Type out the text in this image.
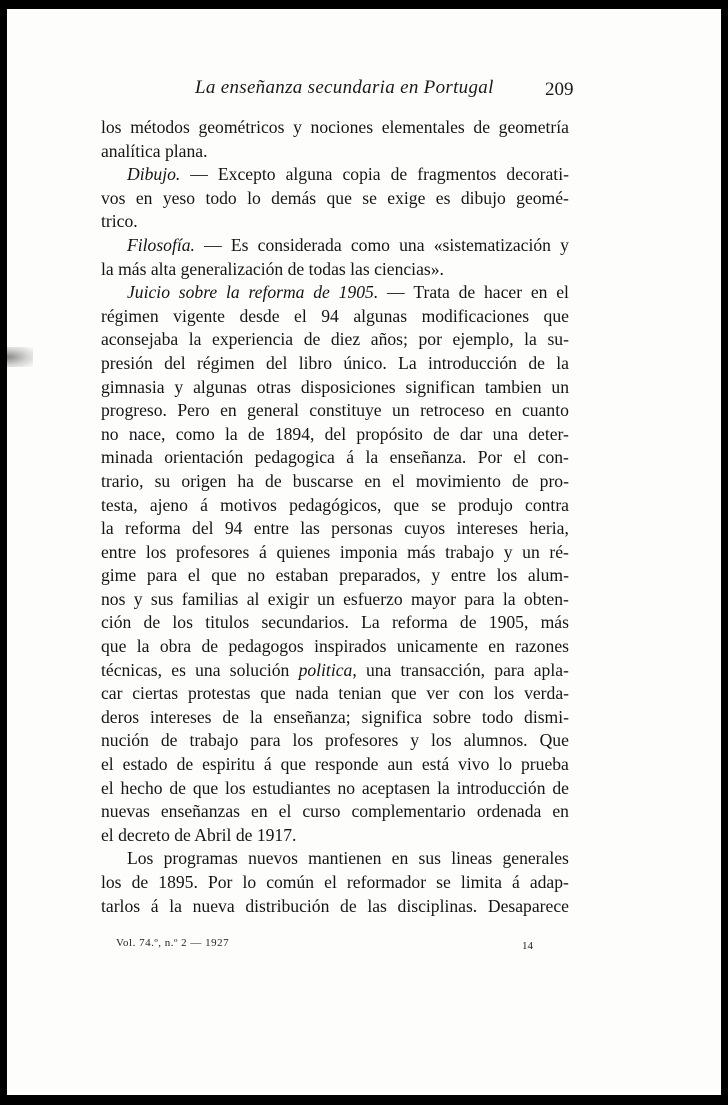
La enseñanza secundaria en Portugal	209
los métodos geométricos y nociones elementales de geometría
analítica plana.
Dibujo. — Excepto alguna copia de fragmentos decorati-
vos en yeso todo lo demás que se exige es dibujo geomé-
trico.
Filosofía. — Es considerada como una «sistematización y
la más alta generalización de todas las ciencias».
Juicio sobre la reforma de 1905. — Trata de hacer en el
régimen vigente desde el 94 algunas modificaciones que
aconsejaba la experiencia de diez años; por ejemplo, la su-
presión del régimen del libro único. La introducción de la
gimnasia y algunas otras disposiciones significan tambien un
progreso. Pero en general constituye un retroceso en cuanto
no nace, como la de 1894, del propósito de dar una deter-
minada orientación pedagogica á la enseñanza. Por el con-
trario, su origen ha de buscarse en el movimiento de pro-
testa, ajeno á motivos pedagógicos, que se produjo contra
la reforma del 94 entre las personas cuyos intereses heria,
entre los profesores á quienes imponia más trabajo y un ré-
gime para el que no estaban preparados, y entre los alum-
nos y sus familias al exigir un esfuerzo mayor para la obten-
ción de los titulos secundarios. La reforma de 1905, más
que la obra de pedagogos inspirados unicamente en razones
técnicas, es una solución politica, una transacción, para apla-
car ciertas protestas que nada tenian que ver con los verda-
deros intereses de la enseñanza; significa sobre todo dismi-
nución de trabajo para los profesores y los alumnos. Que
el estado de espiritu á que responde aun está vivo lo prueba
el hecho de que los estudiantes no aceptasen la introducción de
nuevas enseñanzas en el curso complementario ordenada en
el decreto de Abril de 1917.
Los programas nuevos mantienen en sus lineas generales
los de 1895. Por lo común el reformador se limita á adap-
tarlos á la nueva distribución de las disciplinas. Desaparece
Vol. 74.º, n.º 2 — 1927	14
